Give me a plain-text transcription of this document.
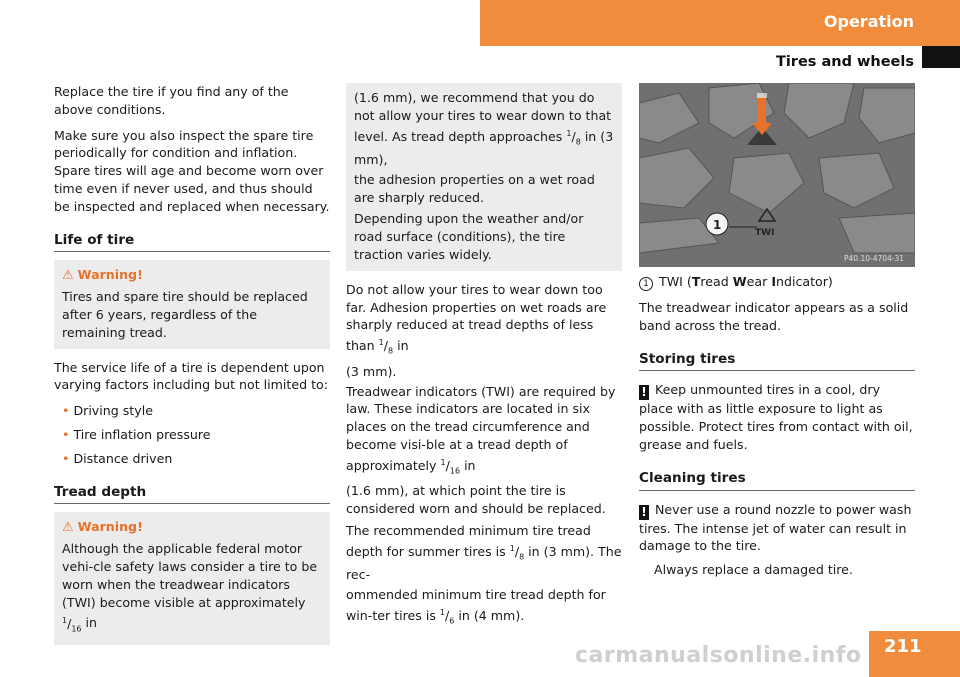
Operation
Tires and wheels

Replace the tire if you find any of the above conditions.

Make sure you also inspect the spare tire periodically for condition and inflation. Spare tires will age and become worn over time even if never used, and thus should be inspected and replaced when necessary.

Life of tire
⚠ Warning!
Tires and spare tire should be replaced after 6 years, regardless of the remaining tread.

The service life of a tire is dependent upon varying factors including but not limited to:

• Driving style
• Tire inflation pressure
• Distance driven
Tread depth
⚠ Warning!
Although the applicable federal motor vehi-cle safety laws consider a tire to be worn when the treadwear indicators (TWI) become visible at approximately $^1/_{16}$ in

(1.6 mm), we recommend that you do not allow your tires to wear down to that level. As tread depth approaches $^1/_8$ in (3 mm),

the adhesion properties on a wet road are sharply reduced.

Depending upon the weather and/or road surface (conditions), the tire traction varies widely.

Do not allow your tires to wear down too far. Adhesion properties on wet roads are sharply reduced at tread depths of less than $^1/_8$ in

(3 mm).

Treadwear indicators (TWI) are required by law. These indicators are located in six places on the tread circumference and become visi-ble at a tread depth of approximately $^1/_{16}$ in

(1.6 mm), at which point the tire is considered worn and should be replaced.

The recommended minimum tire tread depth for summer tires is $^1/_8$ in (3 mm). The rec-

ommended minimum tire tread depth for win-ter tires is $^1/_6$ in (4 mm).

TWI
1
P40.10-4704-31

1 TWI (Tread Wear Indicator)

The treadwear indicator appears as a solid band across the tread.

Storing tires
! Keep unmounted tires in a cool, dry place with as little exposure to light as possible. Protect tires from contact with oil, grease and fuels.
Cleaning tires
! Never use a round nozzle to power wash tires. The intense jet of water can result in damage to the tire.
Always replace a damaged tire.
211
carmanualsonline.info
